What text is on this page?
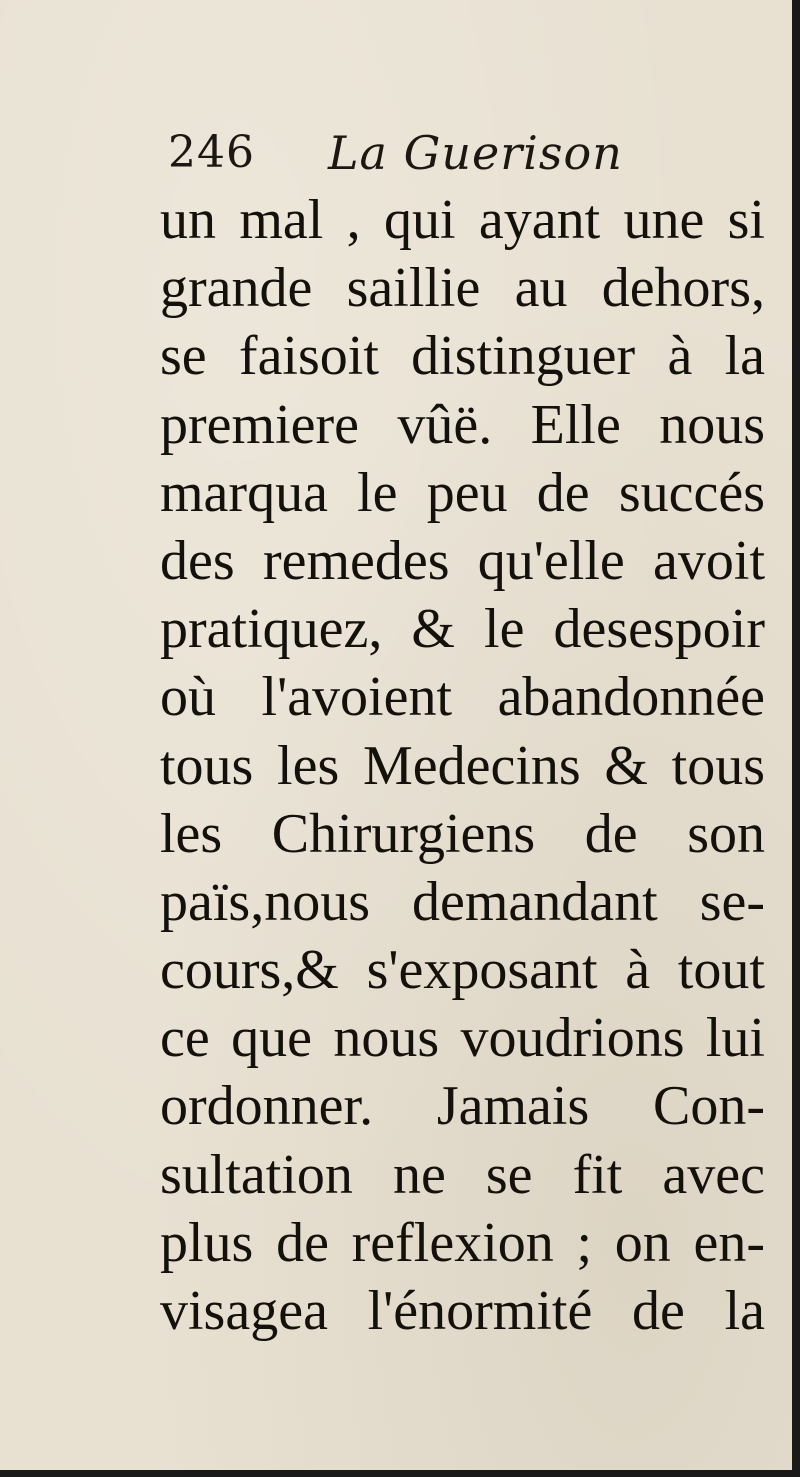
246 La Guerison
un mal , qui ayant une si
grande saillie au dehors,
se faisoit distinguer à la
premiere vûë. Elle nous
marqua le peu de succés
des remedes qu'elle avoit
pratiquez, & le desespoir
où l'avoient abandonnée
tous les Medecins & tous
les Chirurgiens de son
païs,nous demandant se-
cours,& s'exposant à tout
ce que nous voudrions lui
ordonner. Jamais Con-
sultation ne se fit avec
plus de reflexion ; on en-
visagea l'énormité de la
